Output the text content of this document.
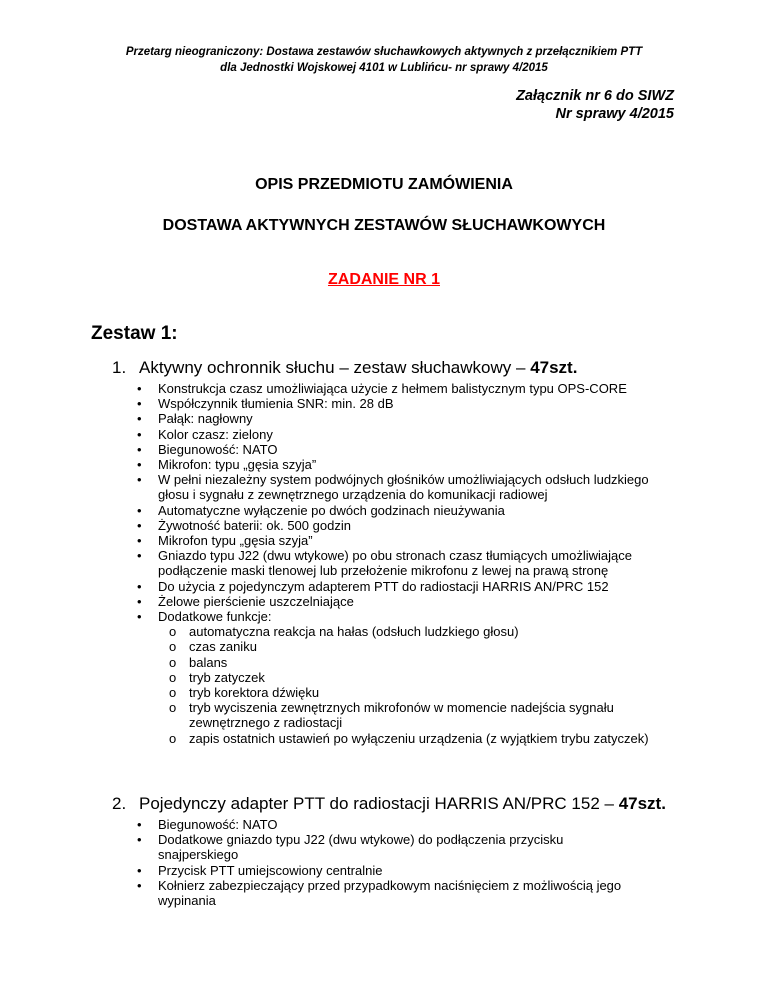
Przetarg nieograniczony: Dostawa zestawów słuchawkowych aktywnych z przełącznikiem PTT
dla Jednostki Wojskowej 4101 w Lublińcu- nr sprawy 4/2015
Załącznik nr 6 do SIWZ
Nr sprawy 4/2015
OPIS PRZEDMIOTU ZAMÓWIENIA
DOSTAWA AKTYWNYCH ZESTAWÓW SŁUCHAWKOWYCH
ZADANIE NR 1
Zestaw 1:
1. Aktywny ochronnik słuchu – zestaw słuchawkowy – 47szt.
• Konstrukcja czasz umożliwiająca użycie z hełmem balistycznym typu OPS-CORE
• Współczynnik tłumienia SNR: min. 28 dB
• Pałąk: nagłowny
• Kolor czasz: zielony
• Biegunowość: NATO
• Mikrofon: typu „gęsia szyja”
• W pełni niezależny system podwójnych głośników umożliwiających odsłuch ludzkiego głosu i sygnału z zewnętrznego urządzenia do komunikacji radiowej
• Automatyczne wyłączenie po dwóch godzinach nieużywania
• Żywotność baterii: ok. 500 godzin
• Mikrofon typu „gęsia szyja”
• Gniazdo typu J22 (dwu wtykowe) po obu stronach czasz tłumiących umożliwiające podłączenie maski tlenowej lub przełożenie mikrofonu z lewej na prawą stronę
• Do użycia z pojedynczym adapterem PTT do radiostacji HARRIS AN/PRC 152
• Żelowe pierścienie uszczelniające
• Dodatkowe funkcje:
o automatyczna reakcja na hałas (odsłuch ludzkiego głosu)
o czas zaniku
o balans
o tryb zatyczek
o tryb korektora dźwięku
o tryb wyciszenia zewnętrznych mikrofonów w momencie nadejścia sygnału zewnętrznego z radiostacji
o zapis ostatnich ustawień po wyłączeniu urządzenia (z wyjątkiem trybu zatyczek)
2. Pojedynczy adapter PTT do radiostacji HARRIS AN/PRC 152 – 47szt.
• Biegunowość: NATO
• Dodatkowe gniazdo typu J22 (dwu wtykowe) do podłączenia przycisku snajperskiego
• Przycisk PTT umiejscowiony centralnie
• Kołnierz zabezpieczający przed przypadkowym naciśnięciem z możliwością jego wypinania
